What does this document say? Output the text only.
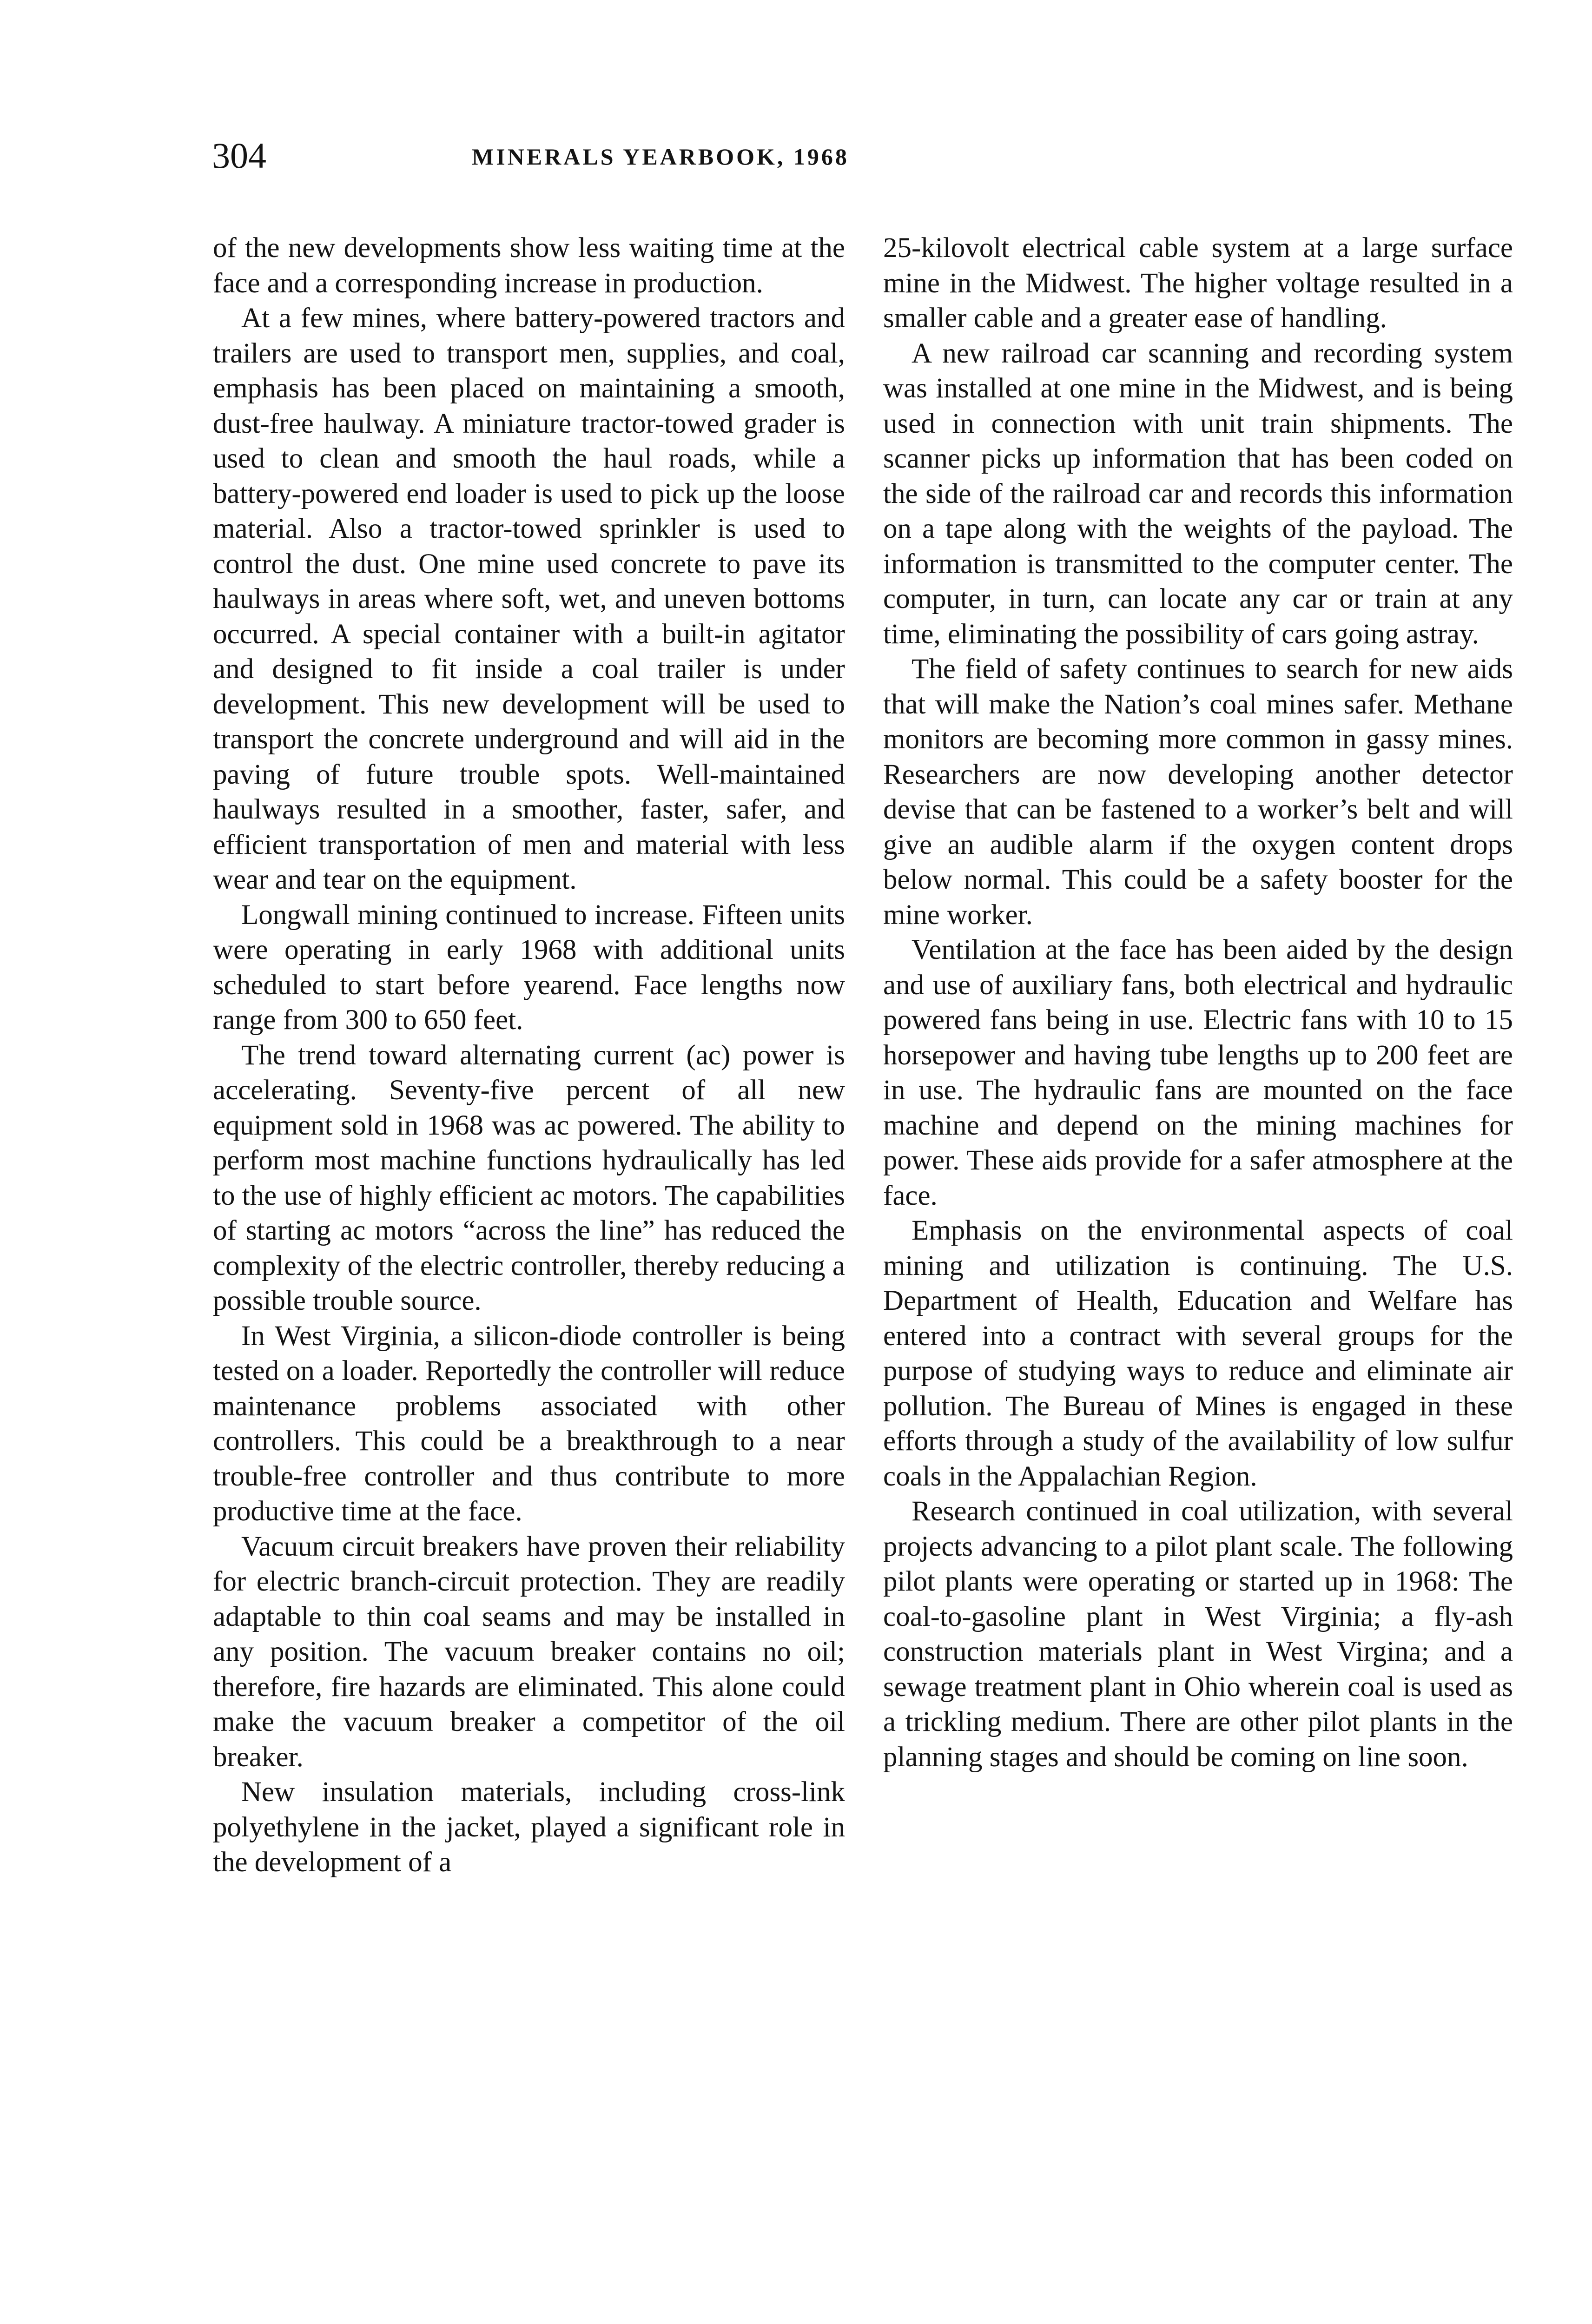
304	MINERALS YEARBOOK, 1968

of the new developments show less waiting time at the face and a corresponding increase in production.

At a few mines, where battery-powered tractors and trailers are used to transport men, supplies, and coal, emphasis has been placed on maintaining a smooth, dust-free haulway. A miniature tractor-towed grader is used to clean and smooth the haul roads, while a battery-powered end loader is used to pick up the loose material. Also a tractor-towed sprinkler is used to control the dust. One mine used concrete to pave its haulways in areas where soft, wet, and uneven bottoms occurred. A special container with a built-in agitator and designed to fit inside a coal trailer is under development. This new development will be used to transport the concrete underground and will aid in the paving of future trouble spots. Well-maintained haulways resulted in a smoother, faster, safer, and efficient transportation of men and material with less wear and tear on the equipment.

Longwall mining continued to increase. Fifteen units were operating in early 1968 with additional units scheduled to start before yearend. Face lengths now range from 300 to 650 feet.

The trend toward alternating current (ac) power is accelerating. Seventy-five percent of all new equipment sold in 1968 was ac powered. The ability to perform most machine functions hydraulically has led to the use of highly efficient ac motors. The capabilities of starting ac motors “across the line” has reduced the complexity of the electric controller, thereby reducing a possible trouble source.

In West Virginia, a silicon-diode controller is being tested on a loader. Reportedly the controller will reduce maintenance problems associated with other controllers. This could be a breakthrough to a near trouble-free controller and thus contribute to more productive time at the face.

Vacuum circuit breakers have proven their reliability for electric branch-circuit protection. They are readily adaptable to thin coal seams and may be installed in any position. The vacuum breaker contains no oil; therefore, fire hazards are eliminated. This alone could make the vacuum breaker a competitor of the oil breaker.

New insulation materials, including cross-link polyethylene in the jacket, played a significant role in the development of a

25-kilovolt electrical cable system at a large surface mine in the Midwest. The higher voltage resulted in a smaller cable and a greater ease of handling.

A new railroad car scanning and recording system was installed at one mine in the Midwest, and is being used in connection with unit train shipments. The scanner picks up information that has been coded on the side of the railroad car and records this information on a tape along with the weights of the payload. The information is transmitted to the computer center. The computer, in turn, can locate any car or train at any time, eliminating the possibility of cars going astray.

The field of safety continues to search for new aids that will make the Nation’s coal mines safer. Methane monitors are becoming more common in gassy mines. Researchers are now developing another detector devise that can be fastened to a worker’s belt and will give an audible alarm if the oxygen content drops below normal. This could be a safety booster for the mine worker.

Ventilation at the face has been aided by the design and use of auxiliary fans, both electrical and hydraulic powered fans being in use. Electric fans with 10 to 15 horsepower and having tube lengths up to 200 feet are in use. The hydraulic fans are mounted on the face machine and depend on the mining machines for power. These aids provide for a safer atmosphere at the face.

Emphasis on the environmental aspects of coal mining and utilization is continuing. The U.S. Department of Health, Education and Welfare has entered into a contract with several groups for the purpose of studying ways to reduce and eliminate air pollution. The Bureau of Mines is engaged in these efforts through a study of the availability of low sulfur coals in the Appalachian Region.

Research continued in coal utilization, with several projects advancing to a pilot plant scale. The following pilot plants were operating or started up in 1968: The coal-to-gasoline plant in West Virginia; a fly-ash construction materials plant in West Virgina; and a sewage treatment plant in Ohio wherein coal is used as a trickling medium. There are other pilot plants in the planning stages and should be coming on line soon.
